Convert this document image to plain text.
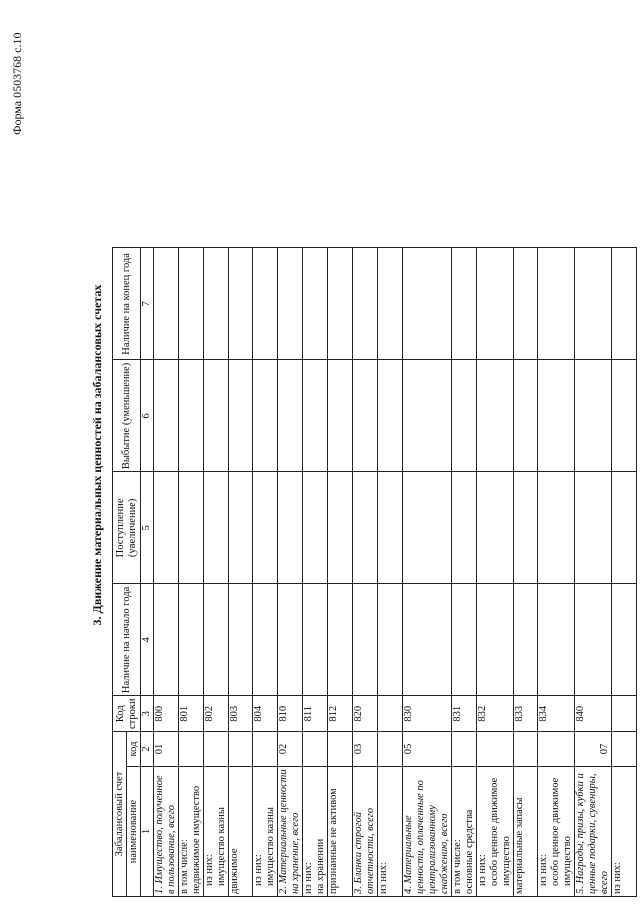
Форма 0503768 с.10
3. Движение материальных ценностей на забалансовых счетах
Забалансовый счет		Код строки	Наличие на начало года	Поступление (увеличение)	Выбытие (уменьшение)	Наличие на конец года
наименование	код					
1	2	3	4	5	6	7
1. Имущество, полученное в пользование, всего	01	800				
в том числе:
недвижимое имущество		801				
из них:
имущество казны		802				
движимое		803				
из них:
имущество казны		804				
2. Материальные ценности на хранение, всего	02	810				
из них:
на хранении		811				
признанные не активом		812				
3. Бланки строгой отчетности, всего	03	820				
из них:						
4. Материальные ценности, оплаченные по централизованному снабжению, всего	05	830				
в том числе:
основные средства		831				
из них:
особо ценное движимое имущество		832				
материальные запасы		833				
из них:
особо ценное движимое имущество		834				
5. Награды, призы, кубки и ценные подарки, сувениры, всего	07	840				
из них:						
